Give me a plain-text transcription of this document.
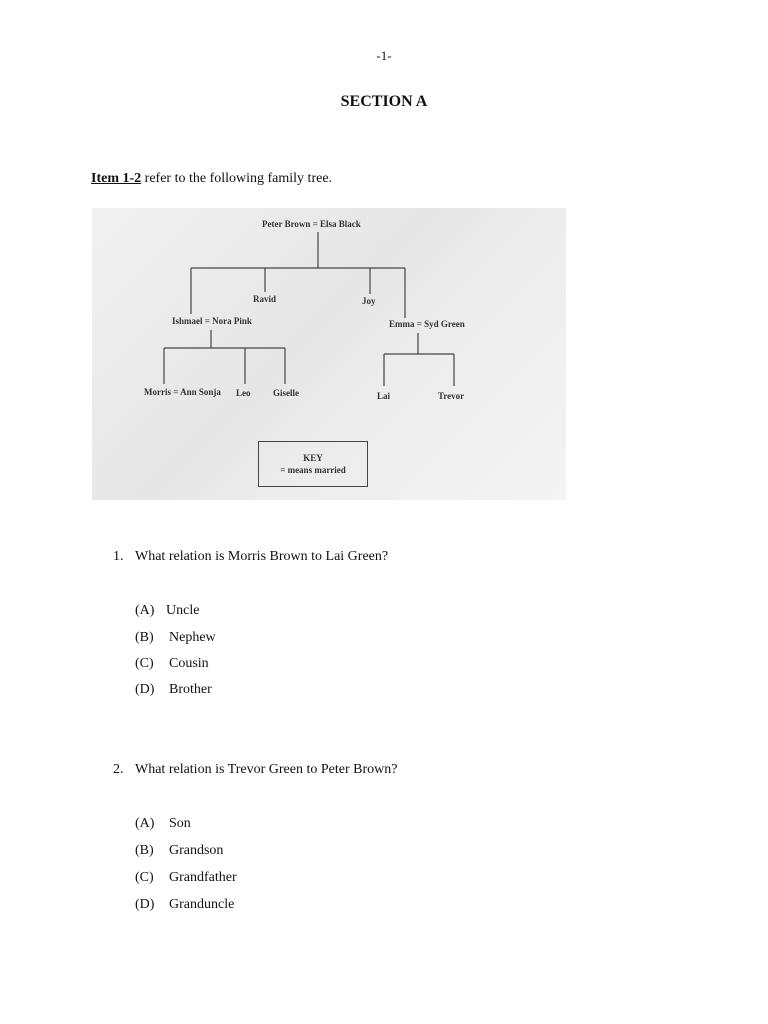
-1-
SECTION A
Item 1-2 refer to the following family tree.
Peter Brown = Elsa Black
Ravid	Joy
Ishmael = Nora Pink	Emma = Syd Green
Morris = Ann Sonja Leo	Giselle	Lai	Trevor
KEY
= means married
1. What relation is Morris Brown to Lai Green?
(A) Uncle
(B) Nephew
(C) Cousin
(D) Brother
2. What relation is Trevor Green to Peter Brown?
(A) Son
(B) Grandson
(C) Grandfather
(D) Granduncle
